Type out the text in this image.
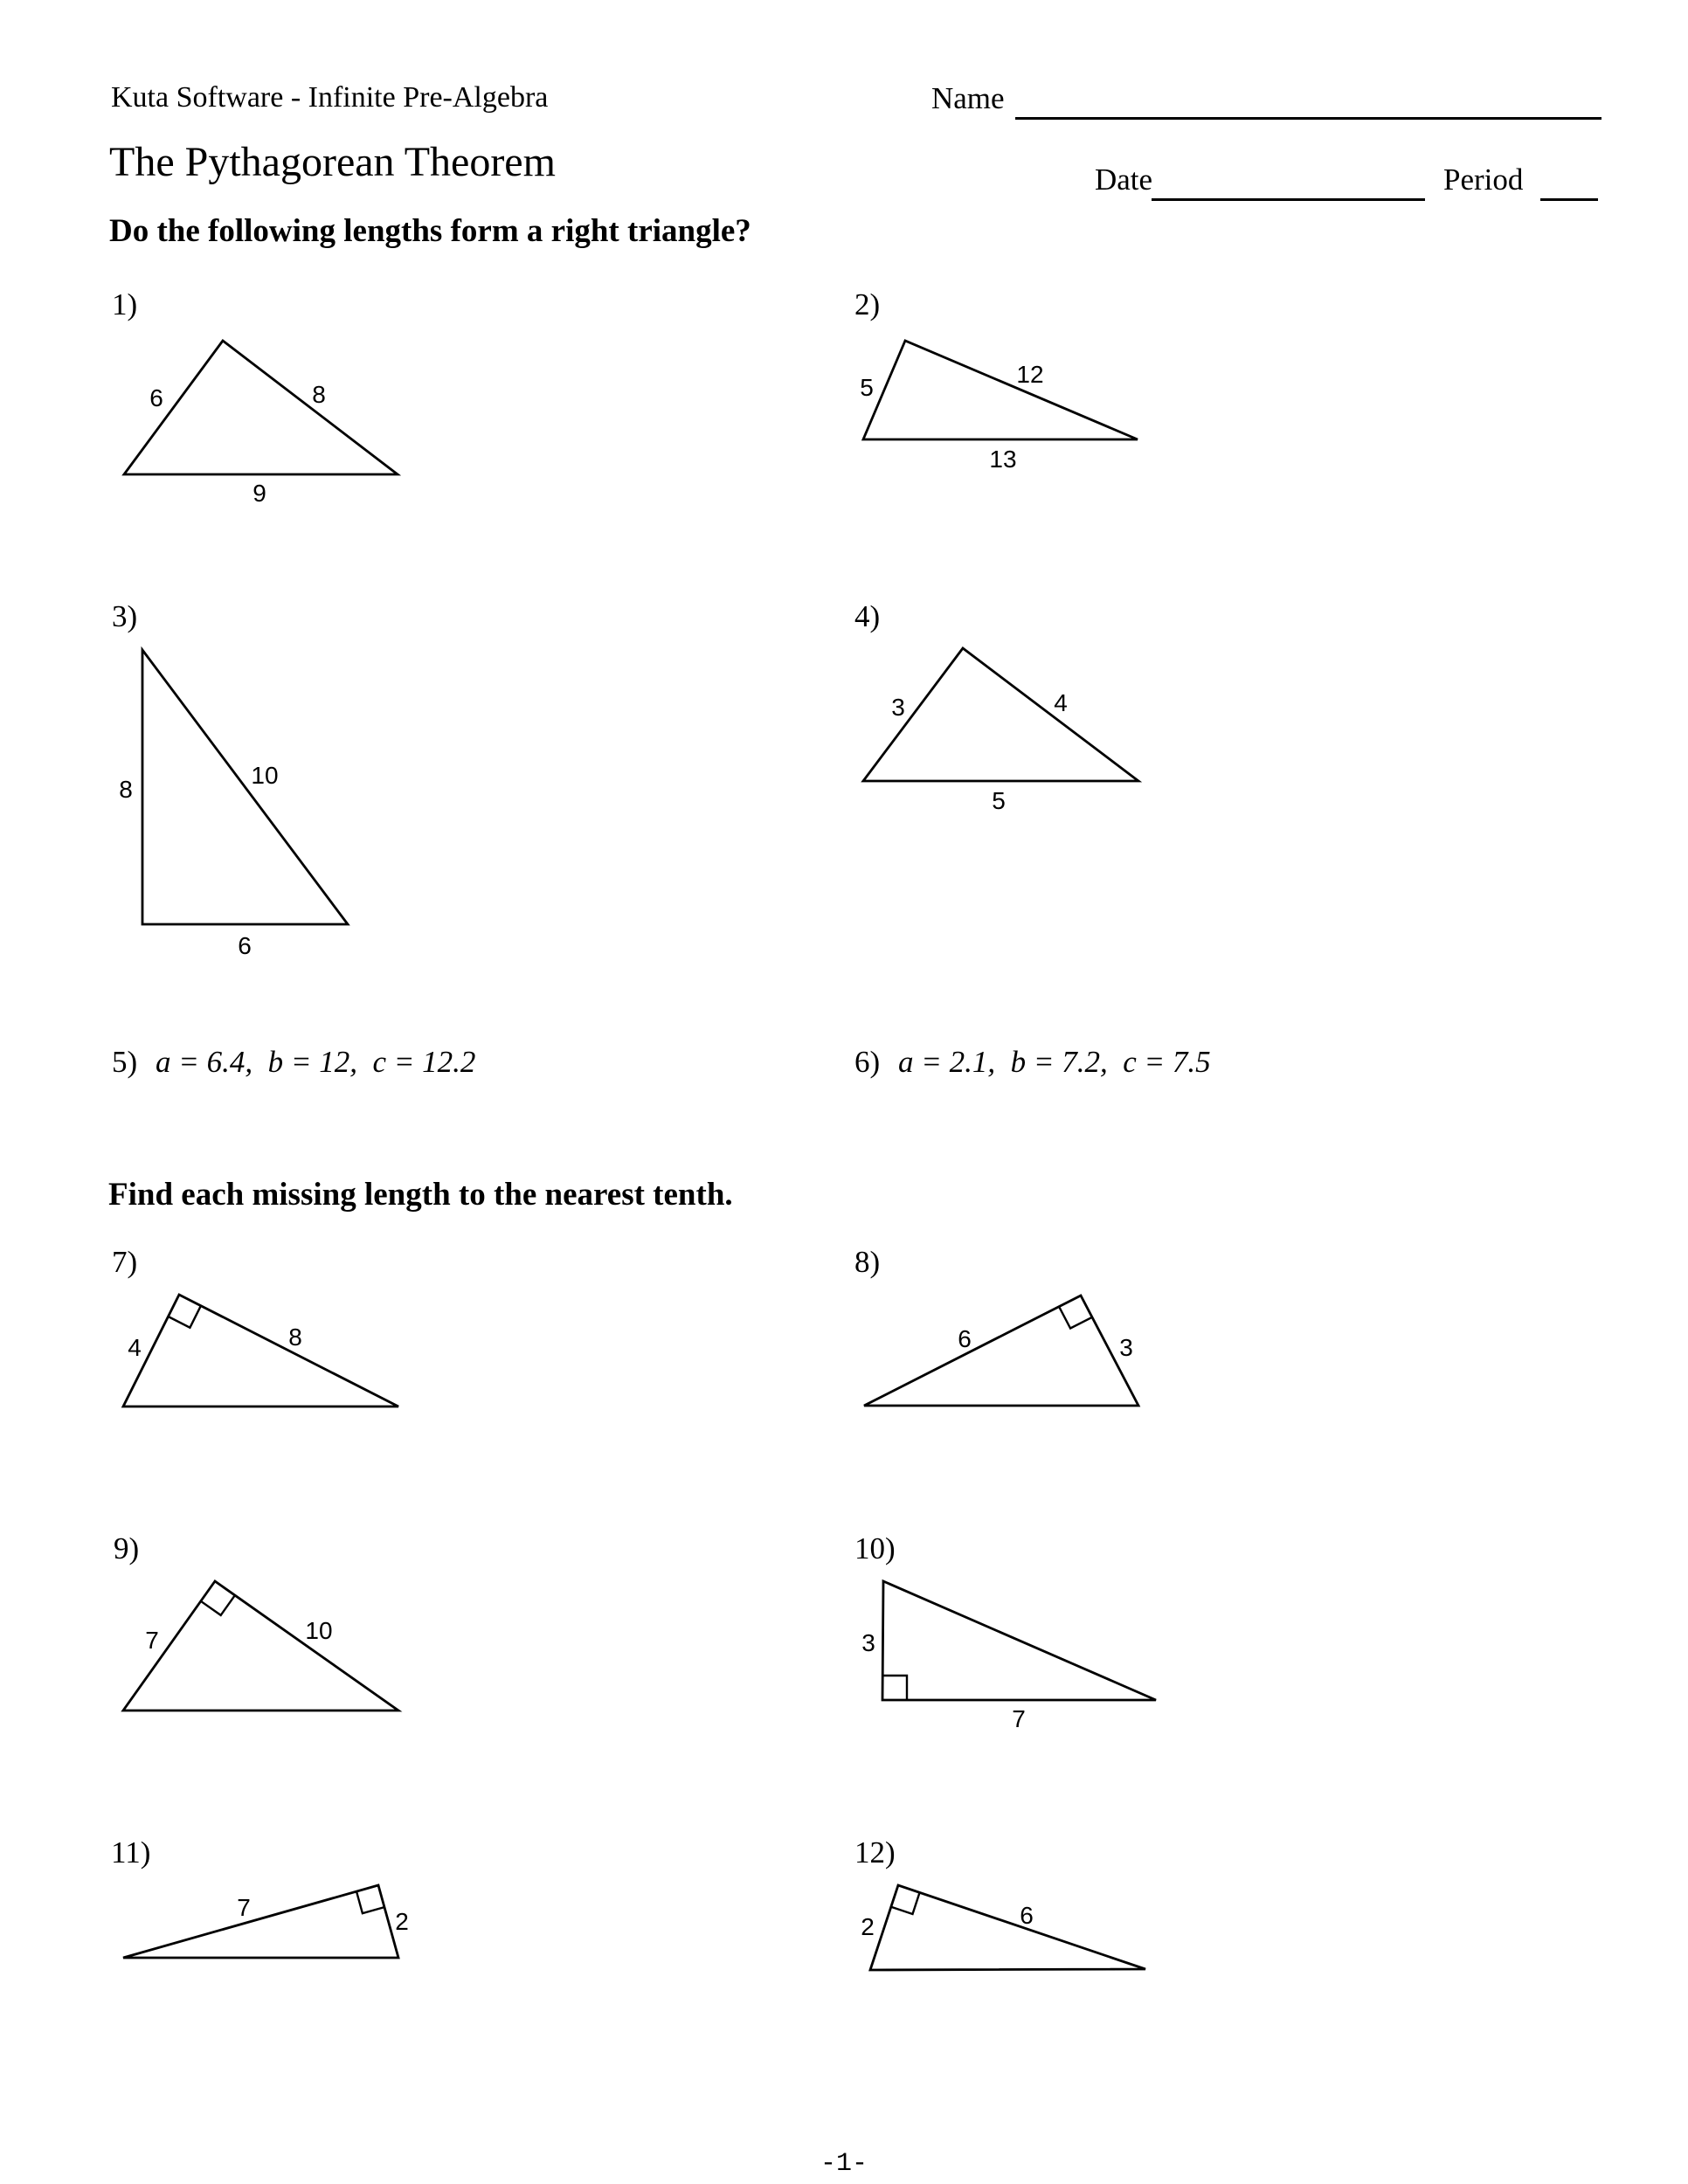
Kuta Software - Infinite Pre-Algebra	Name
The Pythagorean Theorem	Date	Period
Do the following lengths form a right triangle?
Find each missing length to the nearest tenth.
1)	2)
3)	4)
5)	6)
7)	8)
9)	10)
11)	12)
a = 6.4,  b = 12,  c = 12.2	a = 2.1,  b = 7.2,  c = 7.5
6	8
9
5	12
13
8
10
6
3	4
5
4	8	6	3
7	10	3
7
7
2	2	6
-1-
